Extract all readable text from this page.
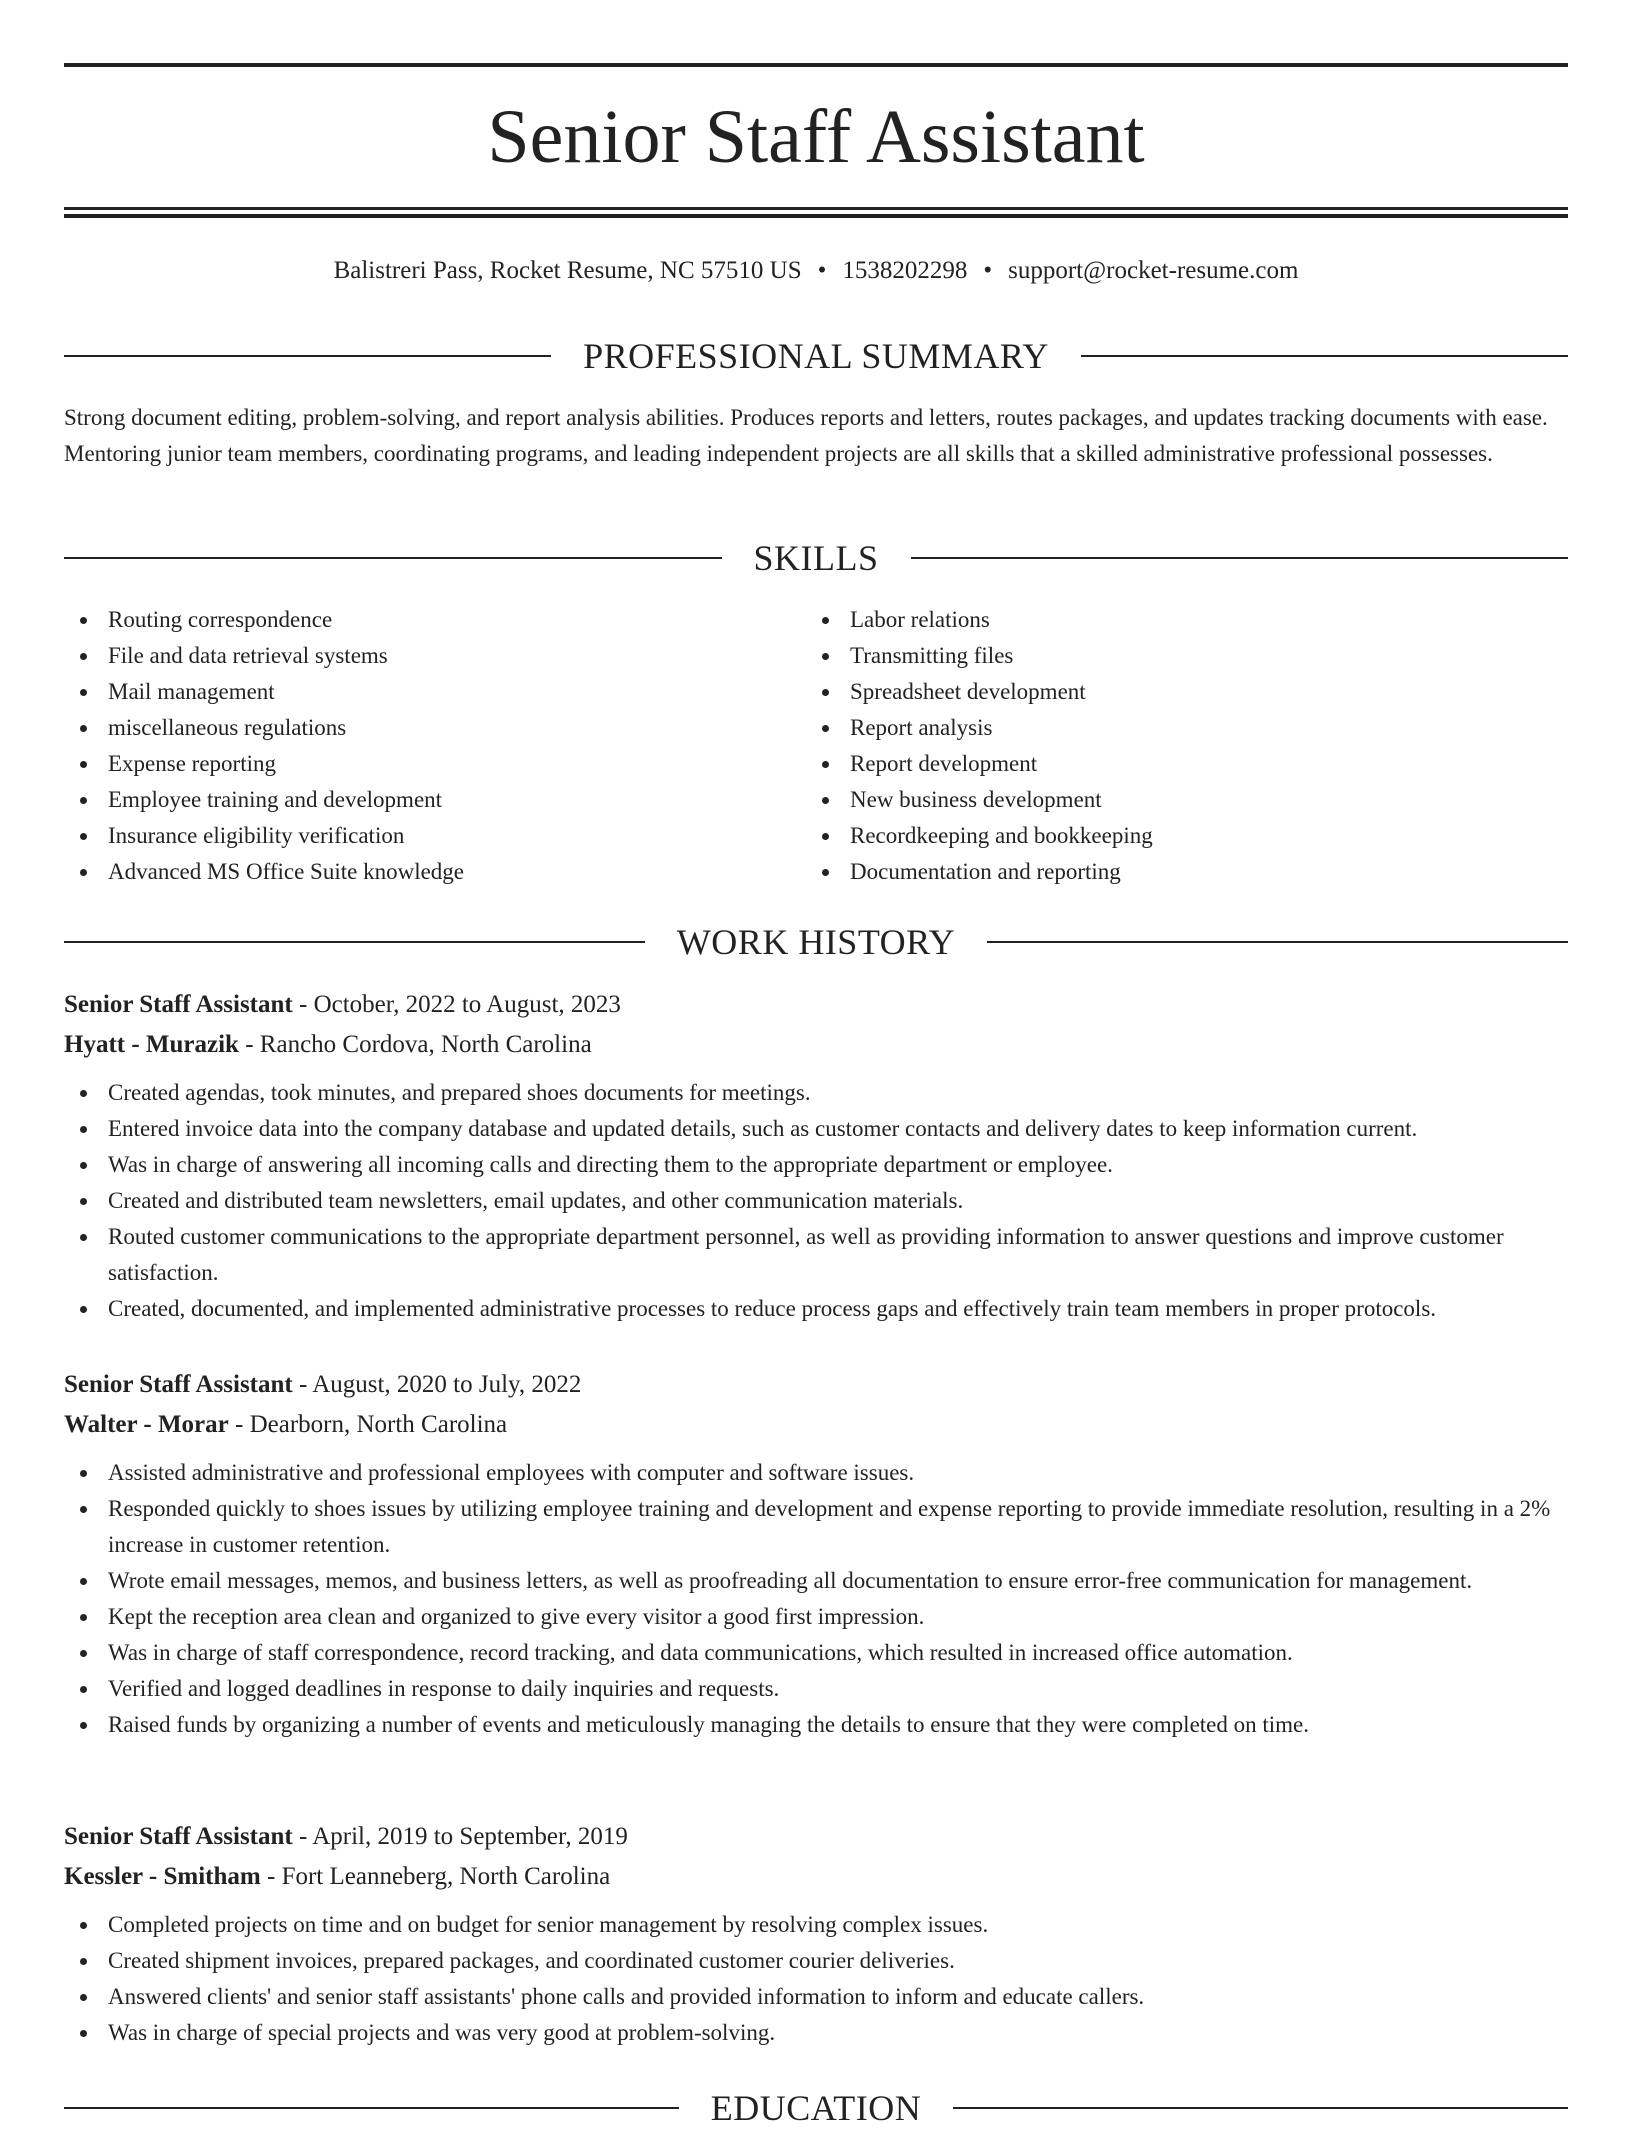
Senior Staff Assistant
Balistreri Pass, Rocket Resume, NC 57510 US • 1538202298 • support@rocket-resume.com
PROFESSIONAL SUMMARY
Strong document editing, problem-solving, and report analysis abilities. Produces reports and letters, routes packages, and updates tracking documents with ease. Mentoring junior team members, coordinating programs, and leading independent projects are all skills that a skilled administrative professional possesses.
SKILLS
Routing correspondence
File and data retrieval systems
Mail management
miscellaneous regulations
Expense reporting
Employee training and development
Insurance eligibility verification
Advanced MS Office Suite knowledge
Labor relations
Transmitting files
Spreadsheet development
Report analysis
Report development
New business development
Recordkeeping and bookkeeping
Documentation and reporting
WORK HISTORY
Senior Staff Assistant - October, 2022 to August, 2023
Hyatt - Murazik - Rancho Cordova, North Carolina
Created agendas, took minutes, and prepared shoes documents for meetings.
Entered invoice data into the company database and updated details, such as customer contacts and delivery dates to keep information current.
Was in charge of answering all incoming calls and directing them to the appropriate department or employee.
Created and distributed team newsletters, email updates, and other communication materials.
Routed customer communications to the appropriate department personnel, as well as providing information to answer questions and improve customer satisfaction.
Created, documented, and implemented administrative processes to reduce process gaps and effectively train team members in proper protocols.
Senior Staff Assistant - August, 2020 to July, 2022
Walter - Morar - Dearborn, North Carolina
Assisted administrative and professional employees with computer and software issues.
Responded quickly to shoes issues by utilizing employee training and development and expense reporting to provide immediate resolution, resulting in a 2% increase in customer retention.
Wrote email messages, memos, and business letters, as well as proofreading all documentation to ensure error-free communication for management.
Kept the reception area clean and organized to give every visitor a good first impression.
Was in charge of staff correspondence, record tracking, and data communications, which resulted in increased office automation.
Verified and logged deadlines in response to daily inquiries and requests.
Raised funds by organizing a number of events and meticulously managing the details to ensure that they were completed on time.
Senior Staff Assistant - April, 2019 to September, 2019
Kessler - Smitham - Fort Leanneberg, North Carolina
Completed projects on time and on budget for senior management by resolving complex issues.
Created shipment invoices, prepared packages, and coordinated customer courier deliveries.
Answered clients' and senior staff assistants' phone calls and provided information to inform and educate callers.
Was in charge of special projects and was very good at problem-solving.
EDUCATION
